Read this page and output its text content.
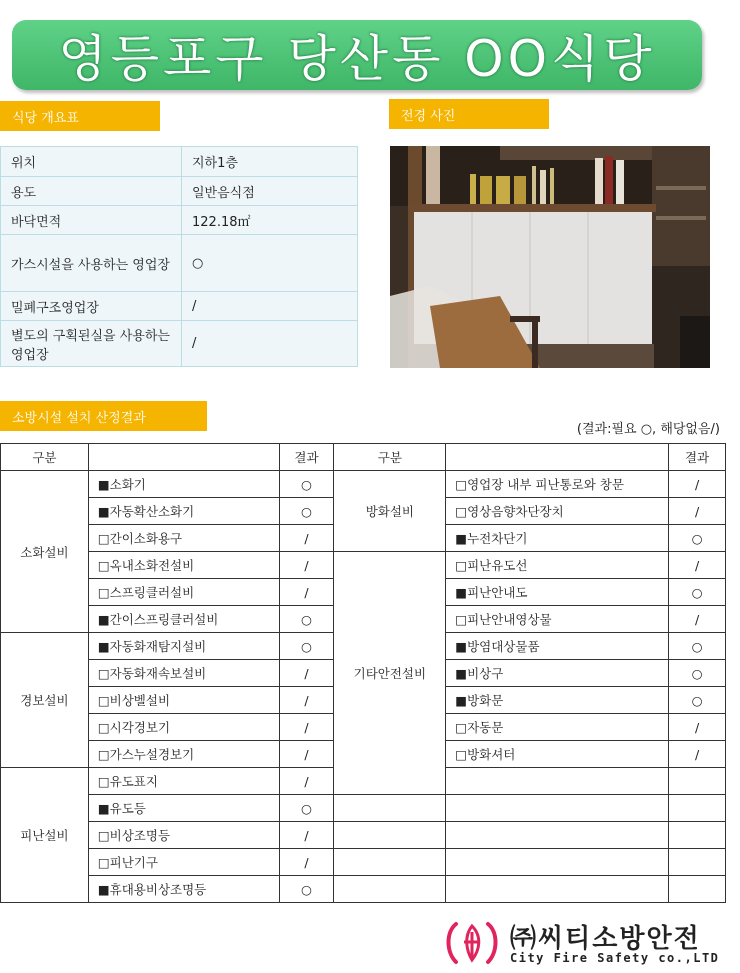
영등포구 당산동 OO식당
식당 개요표	전경 사진
위치	지하1층
용도	일반음식점
바닥면적	122.18㎡
가스시설을 사용하는 영업장	○
밀폐구조영업장	/
별도의 구획된실을 사용하는영업장	/
소방시설 설치 산정결과
(결과:필요 ○, 해당없음/)
구분		결과	구분		결과
소화설비	■소화기	○	방화설비	□영업장 내부 피난통로와 창문	/
	■자동확산소화기	○		□영상음향차단장치	/
	□간이소화용구	/		■누전차단기	○
	□옥내소화전설비	/	기타안전설비	□피난유도선	/
	□스프링클러설비	/		■피난안내도	○
	■간이스프링클러설비	○		□피난안내영상물	/
경보설비	■자동화재탐지설비	○		■방염대상물품	○
	□자동화재속보설비	/		■비상구	○
	□비상벨설비	/		■방화문	○
	□시각경보기	/		□자동문	/
	□가스누설경보기	/		□방화셔터	/
피난설비	□유도표지	/			
	■유도등	○			
	□비상조명등	/			
	□피난기구	/			
	■휴대용비상조명등	○			
㈜씨티소방안전
City Fire Safety co.,LTD
